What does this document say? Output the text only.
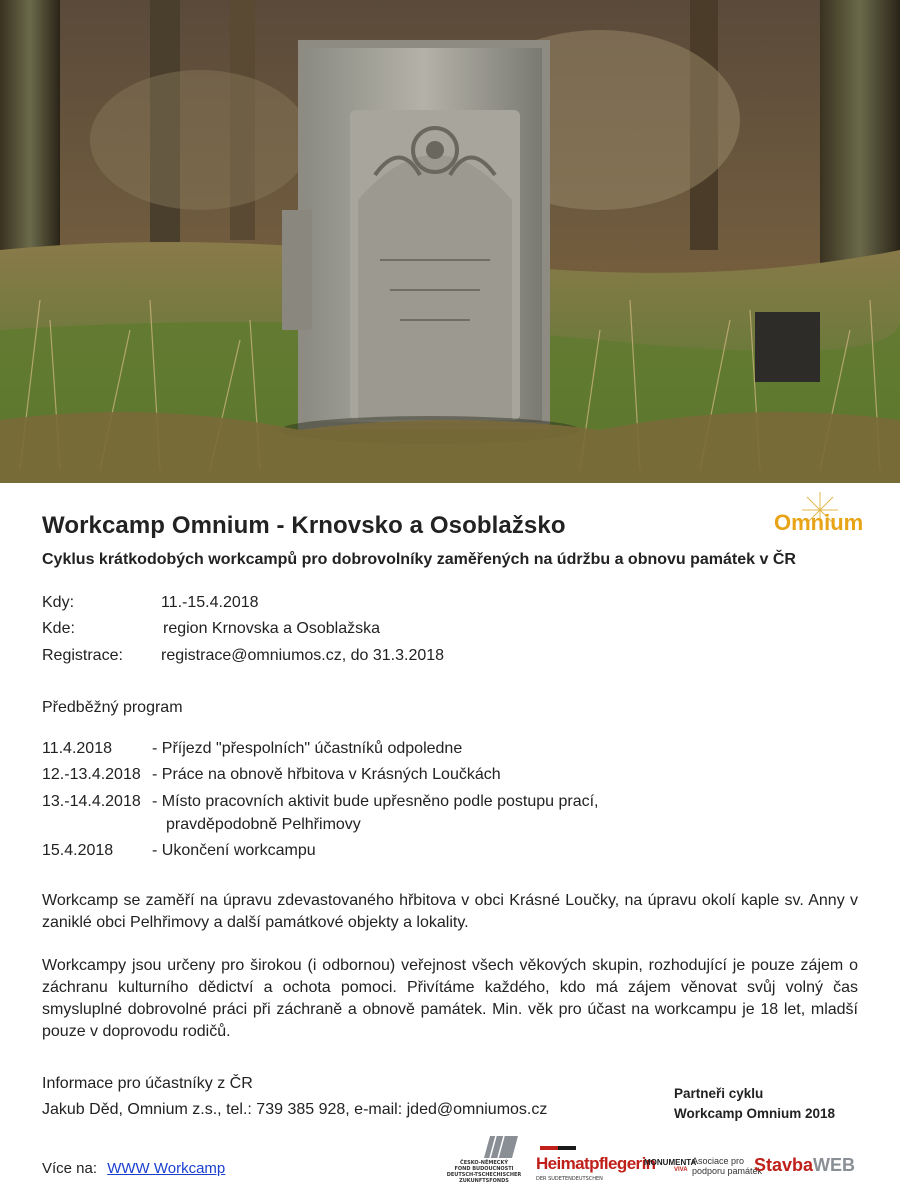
Workcamp Omnium - Krnovsko a Osoblažsko
Cyklus krátkodobých workcampů pro dobrovolníky zaměřených na údržbu a obnovu památek v ČR
Omnium
Kdy:	11.-15.4.2018
Kde:	region Krnovska a Osoblažska
Registrace: registrace@omniumos.cz, do 31.3.2018
Předběžný program
11.4.2018	- Příjezd "přespolních" účastníků odpoledne
12.-13.4.2018 - Práce na obnově hřbitova v Krásných Loučkách
13.-14.4.2018 - Místo pracovních aktivit bude upřesněno podle postupu prací,
pravděpodobně Pelhřimovy
15.4.2018 - Ukončení workcampu
Workcamp se zaměří na úpravu zdevastovaného hřbitova v obci Krásné Loučky, na úpravu okolí kaple sv. Anny v zaniklé obci Pelhřimovy a další památkové objekty a lokality.
Workcampy jsou určeny pro širokou (i odbornou) veřejnost všech věkových skupin, rozhodující je pouze zájem o záchranu kulturního dědictví a ochota pomoci. Přivítáme každého, kdo má zájem věnovat svůj volný čas smysluplné dobrovolné práci při záchraně a obnově památek. Min. věk pro účast na workcampu je 18 let, mladší pouze v doprovodu rodičů.
Informace pro účastníky z ČR
Jakub Děd, Omnium z.s., tel.: 739 385 928, e-mail: jded@omniumos.cz
Partneři cyklu
Workcamp Omnium 2018
ČESKO-NĚMECKÝ
FOND BUDOUCNOSTI
DEUTSCH-TSCHECHISCHER
ZUKUNFTSFONDS
Heimatpflegerin
DER SUDETENDEUTSCHEN
MONUMENTA
VIVA
Asociace pro
podporu památek
StavbaWEB
Více na: WWW Workcamp
